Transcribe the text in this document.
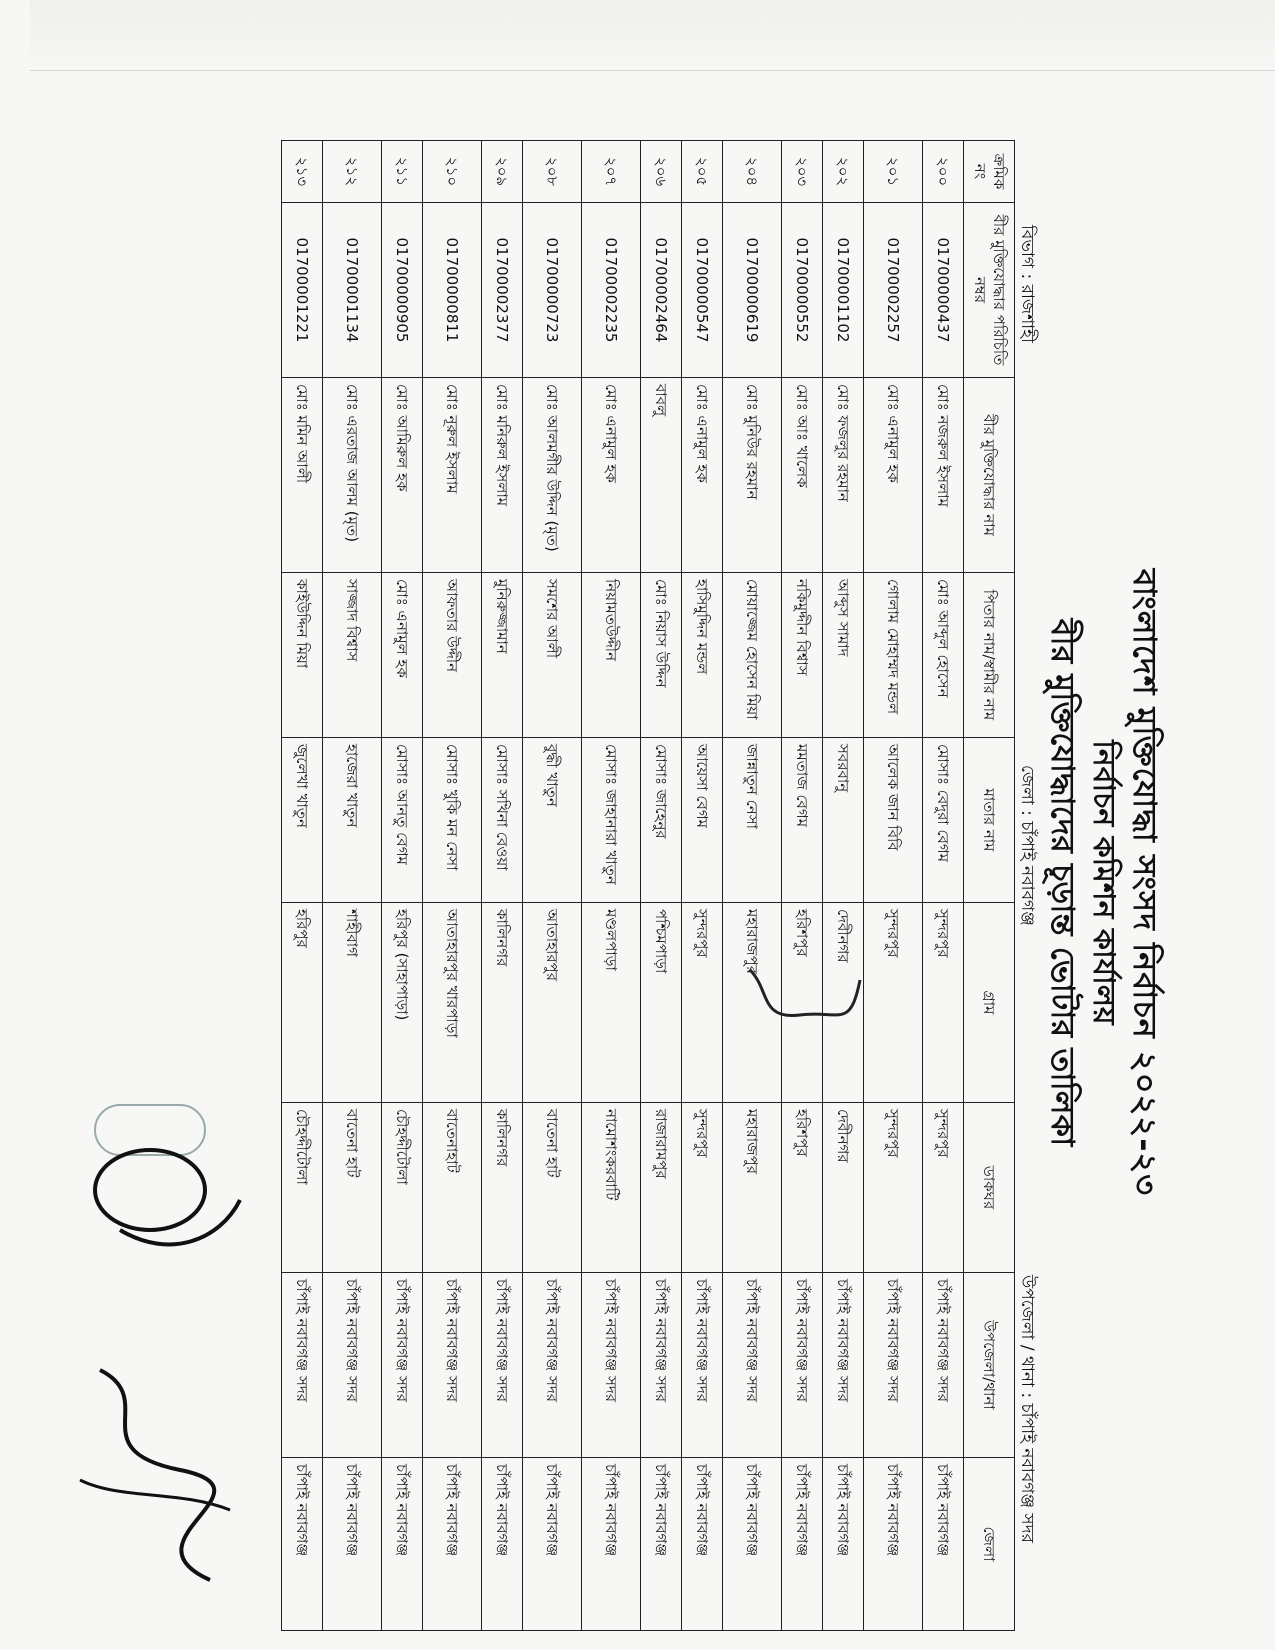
বাংলাদেশ মুক্তিযোদ্ধা সংসদ নির্বাচন ২০২২-২৩
নির্বাচন কমিশন কার্যালয়
বীর মুক্তিযোদ্ধাদের চূড়ান্ত ভোটার তালিকা
বিভাগ : রাজশাহী
জেলা : চাঁপাই নবাবগঞ্জ
উপজেলা / থানা : চাঁপাই নবাবগঞ্জ সদর
ক্রমিক নং	বীর মুক্তিযোদ্ধার পরিচিতি নম্বর	বীর মুক্তিযোদ্ধার নাম	পিতার নাম/স্বামীর নাম	মাতার নাম	গ্রাম	ডাকঘর	উপজেলা/থানা	জেলা
২০০	01700000437	মোঃ নজরুল ইসলাম	মোঃ আব্দুল হোসেন	মোসাঃ বেদুরা বেগম	সুন্দরপুর	সুন্দরপুর	চাঁপাই নবাবগঞ্জ সদর	চাঁপাই নবাবগঞ্জ
২০১	01700002257	মোঃ এনামুল হক	গোলাম মোহাম্মদ মন্ডল	আলেক জান বিবি	সুন্দরপুর	সুন্দরপুর	চাঁপাই নবাবগঞ্জ সদর	চাঁপাই নবাবগঞ্জ
২০২	01700001102	মোঃ ফজলুর রহমান	আব্দুস সামাদ	সবরবানু	দেবীনগর	দেবীনগর	চাঁপাই নবাবগঞ্জ সদর	চাঁপাই নবাবগঞ্জ
২০৩	01700000552	মোঃ আঃ খালেক	নকিমুদ্দীন বিশ্বাস	মমতাজ বেগম	হরিশপুর	হরিশপুর	চাঁপাই নবাবগঞ্জ সদর	চাঁপাই নবাবগঞ্জ
২০৪	01700000619	মোঃ মুনিউর রহমান	মোয়াজ্জেম হোসেন মিয়া	জান্নাতুন নেসা	মহারাজপুর	মহারাজপুর	চাঁপাই নবাবগঞ্জ সদর	চাঁপাই নবাবগঞ্জ
২০৫	01700000547	মোঃ এনামুল হক	হাসিমুদ্দিন মন্ডল	আয়েসা বেগম	সুন্দরপুর	সুন্দরপুর	চাঁপাই নবাবগঞ্জ সদর	চাঁপাই নবাবগঞ্জ
২০৬	01700002464	বাবলু	মোঃ নিয়াস উদ্দিন	মোসাঃ জাহেনুর	পশ্চিমপাড়া	রাজারামপুর	চাঁপাই নবাবগঞ্জ সদর	চাঁপাই নবাবগঞ্জ
২০৭	01700002235	মোঃ এনামুল হক	নিয়ামতউদ্দীন	মোসাঃ জাহানারা খাতুন	মণ্ডলপাড়া	নামোশংকরবাটি	চাঁপাই নবাবগঞ্জ সদর	চাঁপাই নবাবগঞ্জ
২০৮	01700000723	মোঃ আলমগীর উদ্দিন (মৃত)	সমশের আলী	বুদ্ধী খাতুন	আতাহারপুর	বাতেনা হাট	চাঁপাই নবাবগঞ্জ সদর	চাঁপাই নবাবগঞ্জ
২০৯	01700002377	মোঃ মনিরুল ইসলাম	মুনিরুজ্জামান	মোসাঃ সখিনা বেওয়া	কালিনগর	কালিনগর	চাঁপাই নবাবগঞ্জ সদর	চাঁপাই নবাবগঞ্জ
২১০	01700000811	মোঃ নূরুল ইসলাম	আফতার উদ্দীন	মোসাঃ খুকি মন নেসা	আতাহারপুর খারপাড়া	বাতেনাহাট	চাঁপাই নবাবগঞ্জ সদর	চাঁপাই নবাবগঞ্জ
২১১	01700000905	মোঃ আমিরুল হক	মোঃ এনামুল হক	মোসাঃ আনতু বেগম	হরিপুর (সাহাপাড়া)	চৌহদ্দীটোলা	চাঁপাই নবাবগঞ্জ সদর	চাঁপাই নবাবগঞ্জ
২১২	01700001134	মোঃ এরতাজ আলম (মৃত)	সাজ্জাদ বিশ্বাস	হাজেরা খাতুন	শাহীবাগ	বাতেনা হাট	চাঁপাই নবাবগঞ্জ সদর	চাঁপাই নবাবগঞ্জ
২১৩	01700001221	মোঃ মমিন আলী	কাইউদ্দিন মিয়া	জুলেখা খাতুন	হরিপুর	চৌহদ্দীটোলা	চাঁপাই নবাবগঞ্জ সদর	চাঁপাই নবাবগঞ্জ
